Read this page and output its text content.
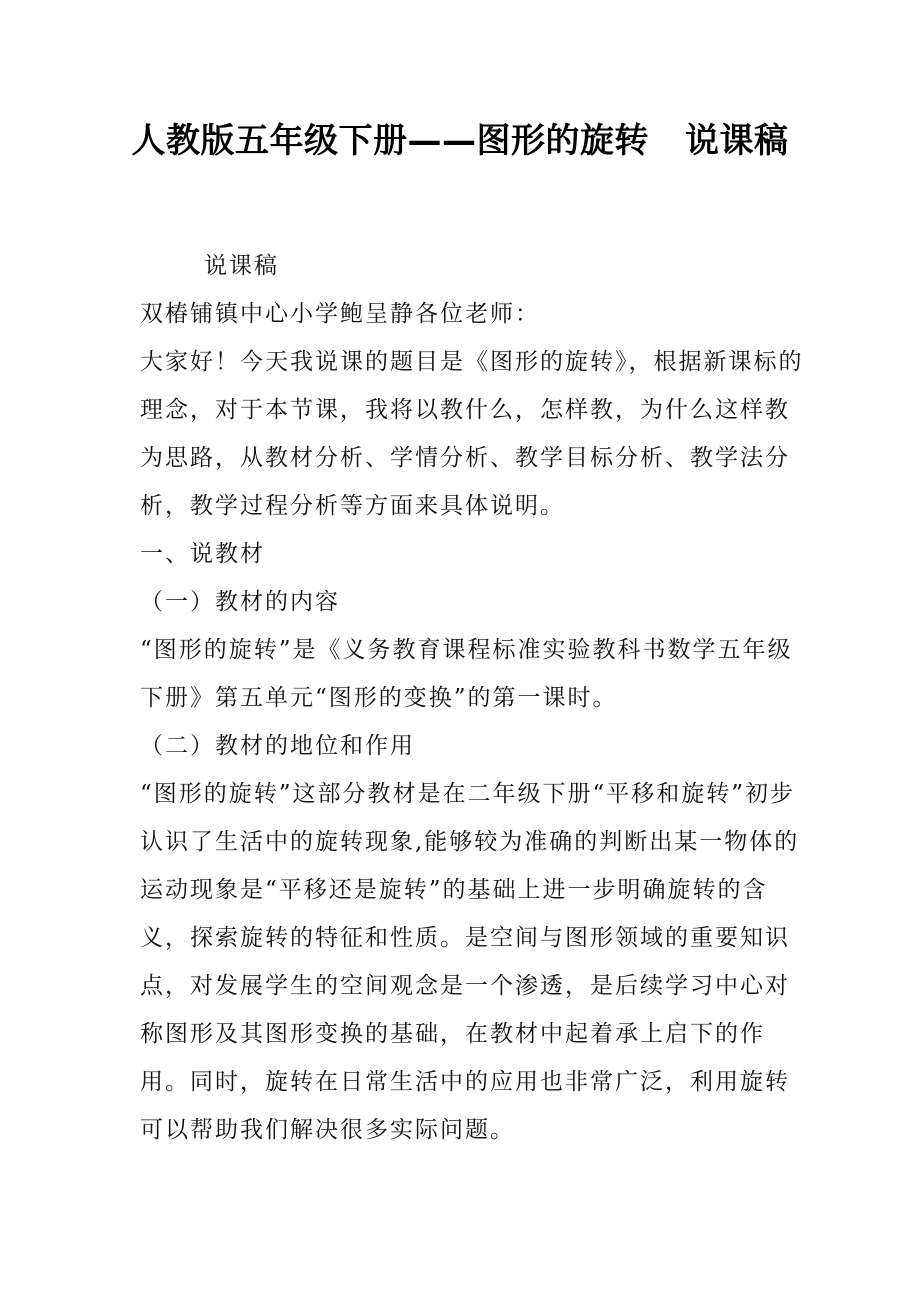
人教版五年级下册——图形的旋转 说课稿

说课稿

双椿铺镇中心小学鲍呈静各位老师：

大家好！今天我说课的题目是《图形的旋转》，根据新课标的理念，对于本节课，我将以教什么，怎样教，为什么这样教为思路，从教材分析、学情分析、教学目标分析、教学法分析，教学过程分析等方面来具体说明。

一、说教材

（一）教材的内容

“图形的旋转”是《义务教育课程标准实验教科书数学五年级下册》第五单元“图形的变换”的第一课时。

（二）教材的地位和作用

“图形的旋转”这部分教材是在二年级下册“平移和旋转”初步认识了生活中的旋转现象,能够较为准确的判断出某一物体的运动现象是“平移还是旋转”的基础上进一步明确旋转的含义，探索旋转的特征和性质。是空间与图形领域的重要知识点，对发展学生的空间观念是一个渗透，是后续学习中心对称图形及其图形变换的基础，在教材中起着承上启下的作用。同时，旋转在日常生活中的应用也非常广泛，利用旋转可以帮助我们解决很多实际问题。
